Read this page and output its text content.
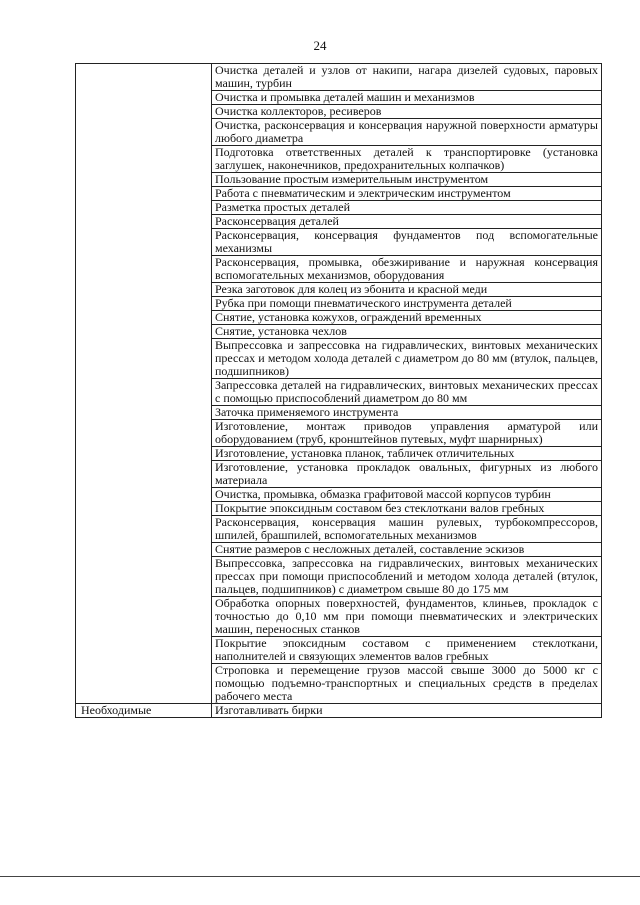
24
	Очистка деталей и узлов от накипи, нагара дизелей судовых, паровых машин, турбин
	Очистка и промывка деталей машин и механизмов
	Очистка коллекторов, ресиверов
	Очистка, расконсервация и консервация наружной поверхности арматуры любого диаметра
	Подготовка ответственных деталей к транспортировке (установка заглушек, наконечников, предохранительных колпачков)
	Пользование простым измерительным инструментом
	Работа с пневматическим и электрическим инструментом
	Разметка простых деталей
	Расконсервация деталей
	Расконсервация, консервация фундаментов под вспомогательные механизмы
	Расконсервация, промывка, обезжиривание и наружная консервация вспомогательных механизмов, оборудования
	Резка заготовок для колец из эбонита и красной меди
	Рубка при помощи пневматического инструмента деталей
	Снятие, установка кожухов, ограждений временных
	Снятие, установка чехлов
	Выпрессовка и запрессовка на гидравлических, винтовых механических прессах и методом холода деталей с диаметром до 80 мм (втулок, пальцев, подшипников)
	Запрессовка деталей на гидравлических, винтовых механических прессах с помощью приспособлений диаметром до 80 мм
	Заточка применяемого инструмента
	Изготовление, монтаж приводов управления арматурой или оборудованием (труб, кронштейнов путевых, муфт шарнирных)
	Изготовление, установка планок, табличек отличительных
	Изготовление, установка прокладок овальных, фигурных из любого материала
	Очистка, промывка, обмазка графитовой массой корпусов турбин
	Покрытие эпоксидным составом без стеклоткани валов гребных
	Расконсервация, консервация машин рулевых, турбокомпрессоров, шпилей, брашпилей, вспомогательных механизмов
	Снятие размеров с несложных деталей, составление эскизов
	Выпрессовка, запрессовка на гидравлических, винтовых механических прессах при помощи приспособлений и методом холода деталей (втулок, пальцев, подшипников) с диаметром свыше 80 до 175 мм
	Обработка опорных поверхностей, фундаментов, клиньев, прокладок с точностью до 0,10 мм при помощи пневматических и электрических машин, переносных станков
	Покрытие эпоксидным составом с применением стеклоткани, наполнителей и связующих элементов валов гребных
	Строповка и перемещение грузов массой свыше 3000 до 5000 кг с помощью подъемно-транспортных и специальных средств в пределах рабочего места
Необходимые	Изготавливать бирки
